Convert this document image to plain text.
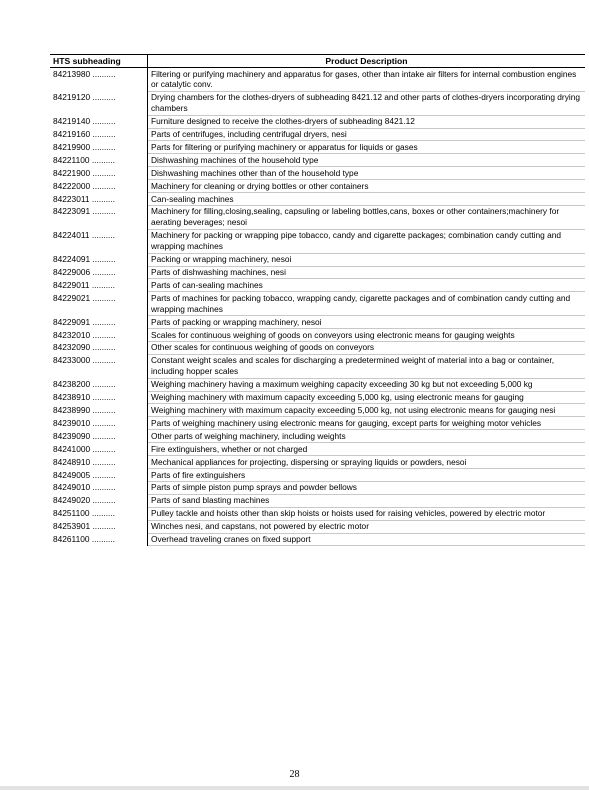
HTS subheading	Product Description
84213980 ..........	Filtering or purifying machinery and apparatus for gases, other than intake air filters for internal combustion engines or catalytic conv.
84219120 ..........	Drying chambers for the clothes-dryers of subheading 8421.12 and other parts of clothes-dryers incorporating drying chambers
84219140 ..........	Furniture designed to receive the clothes-dryers of subheading 8421.12
84219160 ..........	Parts of centrifuges, including centrifugal dryers, nesi
84219900 ..........	Parts for filtering or purifying machinery or apparatus for liquids or gases
84221100 ..........	Dishwashing machines of the household type
84221900 ..........	Dishwashing machines other than of the household type
84222000 ..........	Machinery for cleaning or drying bottles or other containers
84223011 ..........	Can-sealing machines
84223091 ..........	Machinery for filling,closing,sealing, capsuling or labeling bottles,cans, boxes or other containers;machinery for aerating beverages; nesoi
84224011 ..........	Machinery for packing or wrapping pipe tobacco, candy and cigarette packages; combination candy cutting and wrapping machines
84224091 ..........	Packing or wrapping machinery, nesoi
84229006 ..........	Parts of dishwashing machines, nesi
84229011 ..........	Parts of can-sealing machines
84229021 ..........	Parts of machines for packing tobacco, wrapping candy, cigarette packages and of combination candy cutting and wrapping machines
84229091 ..........	Parts of packing or wrapping machinery, nesoi
84232010 ..........	Scales for continuous weighing of goods on conveyors using electronic means for gauging weights
84232090 ..........	Other scales for continuous weighing of goods on conveyors
84233000 ..........	Constant weight scales and scales for discharging a predetermined weight of material into a bag or container, including hopper scales
84238200 ..........	Weighing machinery having a maximum weighing capacity exceeding 30 kg but not exceeding 5,000 kg
84238910 ..........	Weighing machinery with maximum capacity exceeding 5,000 kg, using electronic means for gauging
84238990 ..........	Weighing machinery with maximum capacity exceeding 5,000 kg, not using electronic means for gauging nesi
84239010 ..........	Parts of weighing machinery using electronic means for gauging, except parts for weighing motor vehicles
84239090 ..........	Other parts of weighing machinery, including weights
84241000 ..........	Fire extinguishers, whether or not charged
84248910 ..........	Mechanical appliances for projecting, dispersing or spraying liquids or powders, nesoi
84249005 ..........	Parts of fire extinguishers
84249010 ..........	Parts of simple piston pump sprays and powder bellows
84249020 ..........	Parts of sand blasting machines
84251100 ..........	Pulley tackle and hoists other than skip hoists or hoists used for raising vehicles, powered by electric motor
84253901 ..........	Winches nesi, and capstans, not powered by electric motor
84261100 ..........	Overhead traveling cranes on fixed support
28
